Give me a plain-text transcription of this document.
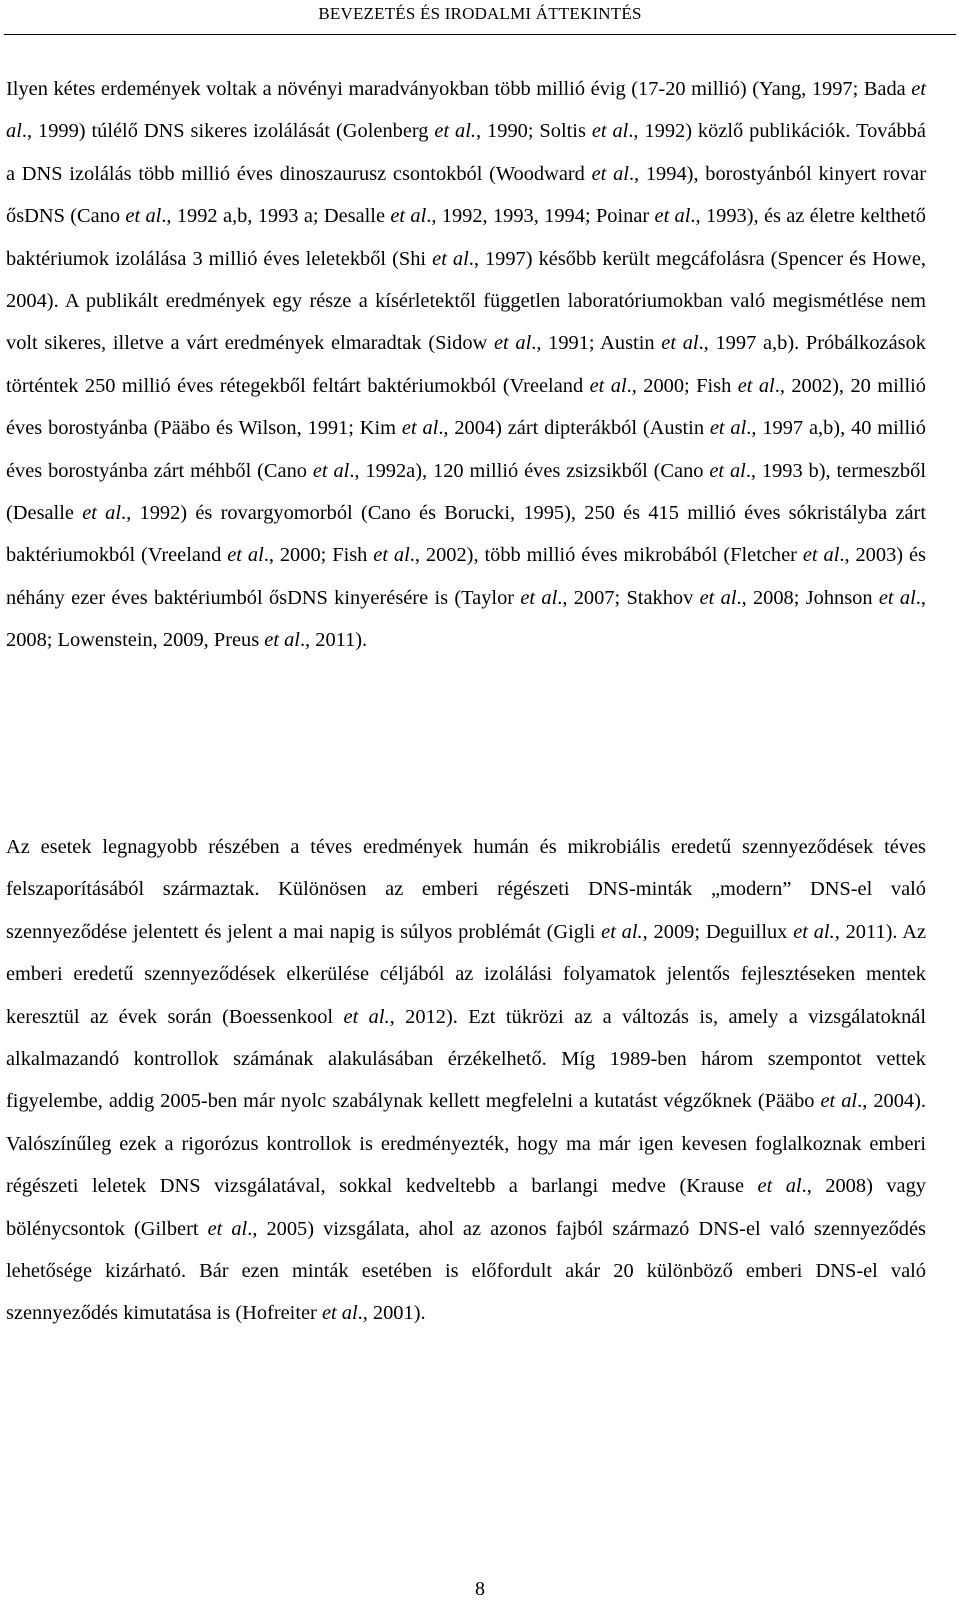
BEVEZETÉS ÉS IRODALMI ÁTTEKINTÉS
Ilyen kétes erdemények voltak a növényi maradványokban több millió évig (17-20 millió) (Yang, 1997; Bada et al., 1999) túlélő DNS sikeres izolálását (Golenberg et al., 1990; Soltis et al., 1992) közlő publikációk. Továbbá a DNS izolálás több millió éves dinoszaurusz csontokból (Woodward et al., 1994), borostyánból kinyert rovar ősDNS (Cano et al., 1992 a,b, 1993 a; Desalle et al., 1992, 1993, 1994; Poinar et al., 1993), és az életre kelthető baktériumok izolálása 3 millió éves leletekből (Shi et al., 1997) később került megcáfolásra (Spencer és Howe, 2004). A publikált eredmények egy része a kísérletektől független laboratóriumokban való megismétlése nem volt sikeres, illetve a várt eredmények elmaradtak (Sidow et al., 1991; Austin et al., 1997 a,b). Próbálkozások történtek 250 millió éves rétegekből feltárt baktériumokból (Vreeland et al., 2000; Fish et al., 2002), 20 millió éves borostyánba (Pääbo és Wilson, 1991; Kim et al., 2004) zárt dipterákból (Austin et al., 1997 a,b), 40 millió éves borostyánba zárt méhből (Cano et al., 1992a), 120 millió éves zsizsikből (Cano et al., 1993 b), termeszből (Desalle et al., 1992) és rovargyomorból (Cano és Borucki, 1995), 250 és 415 millió éves sókristályba zárt baktériumokból (Vreeland et al., 2000; Fish et al., 2002), több millió éves mikrobából (Fletcher et al., 2003) és néhány ezer éves baktériumból ősDNS kinyerésére is (Taylor et al., 2007; Stakhov et al., 2008; Johnson et al., 2008; Lowenstein, 2009, Preus et al., 2011).
Az esetek legnagyobb részében a téves eredmények humán és mikrobiális eredetű szennyeződések téves felszaporításából származtak. Különösen az emberi régészeti DNS-minták „modern” DNS-el való szennyeződése jelentett és jelent a mai napig is súlyos problémát (Gigli et al., 2009; Deguillux et al., 2011). Az emberi eredetű szennyeződések elkerülése céljából az izolálási folyamatok jelentős fejlesztéseken mentek keresztül az évek során (Boessenkool et al., 2012). Ezt tükrözi az a változás is, amely a vizsgálatoknál alkalmazandó kontrollok számának alakulásában érzékelhető. Míg 1989-ben három szempontot vettek figyelembe, addig 2005-ben már nyolc szabálynak kellett megfelelni a kutatást végzőknek (Pääbo et al., 2004). Valószínűleg ezek a rigorózus kontrollok is eredményezték, hogy ma már igen kevesen foglalkoznak emberi régészeti leletek DNS vizsgálatával, sokkal kedveltebb a barlangi medve (Krause et al., 2008) vagy bölénycsontok (Gilbert et al., 2005) vizsgálata, ahol az azonos fajból származó DNS-el való szennyeződés lehetősége kizárható. Bár ezen minták esetében is előfordult akár 20 különböző emberi DNS-el való szennyeződés kimutatása is (Hofreiter et al., 2001).
8
